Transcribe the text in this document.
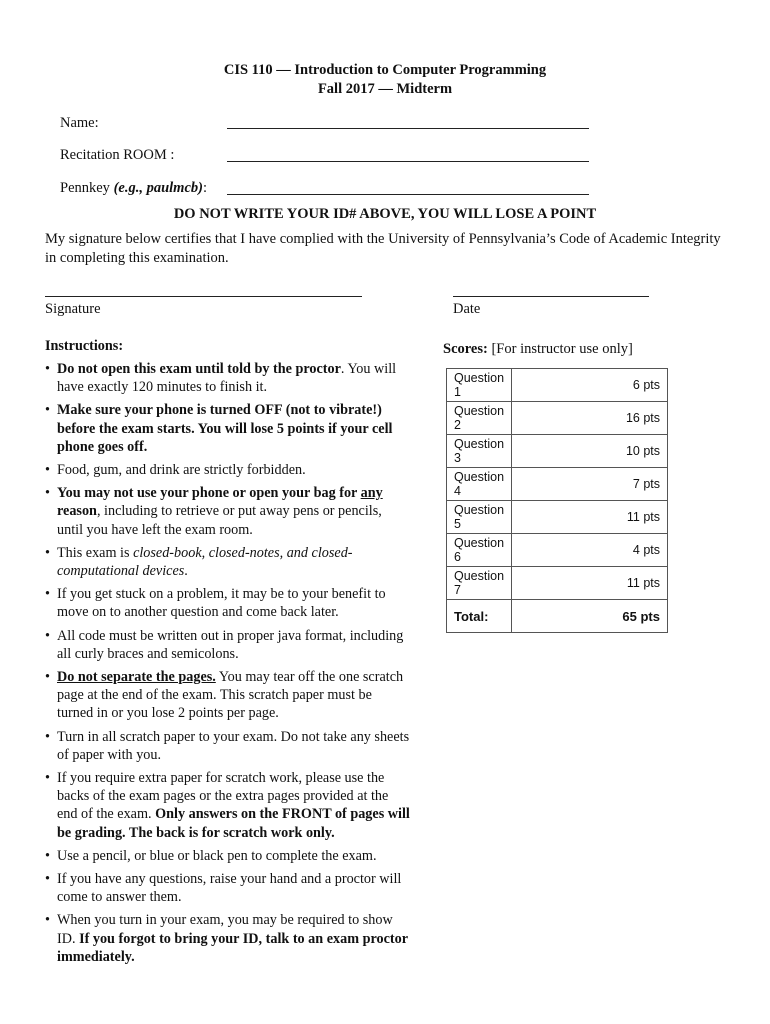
CIS 110 — Introduction to Computer Programming
Fall 2017 — Midterm
Name:
Recitation ROOM :
Pennkey (e.g., paulmcb):
DO NOT WRITE YOUR ID# ABOVE, YOU WILL LOSE A POINT
My signature below certifies that I have complied with the University of Pennsylvania’s Code of Academic Integrity in completing this examination.
Signature	Date
Instructions:
• Do not open this exam until told by the proctor. You will have exactly 120 minutes to finish it.
• Make sure your phone is turned OFF (not to vibrate!) before the exam starts. You will lose 5 points if your cell phone goes off.
• Food, gum, and drink are strictly forbidden.
• You may not use your phone or open your bag for any reason, including to retrieve or put away pens or pencils, until you have left the exam room.
• This exam is closed-book, closed-notes, and closed-computational devices.
• If you get stuck on a problem, it may be to your benefit to move on to another question and come back later.
• All code must be written out in proper java format, including all curly braces and semicolons.
• Do not separate the pages. You may tear off the one scratch page at the end of the exam. This scratch paper must be turned in or you lose 2 points per page.
• Turn in all scratch paper to your exam. Do not take any sheets of paper with you.
• If you require extra paper for scratch work, please use the backs of the exam pages or the extra pages provided at the end of the exam. Only answers on the FRONT of pages will be grading. The back is for scratch work only.
• Use a pencil, or blue or black pen to complete the exam.
• If you have any questions, raise your hand and a proctor will come to answer them.
• When you turn in your exam, you may be required to show ID. If you forgot to bring your ID, talk to an exam proctor immediately.
Scores: [For instructor use only]
Question 1	6 pts
Question 2	16 pts
Question 3	10 pts
Question 4	7 pts
Question 5	11 pts
Question 6	4 pts
Question 7	11 pts
Total:	65 pts
